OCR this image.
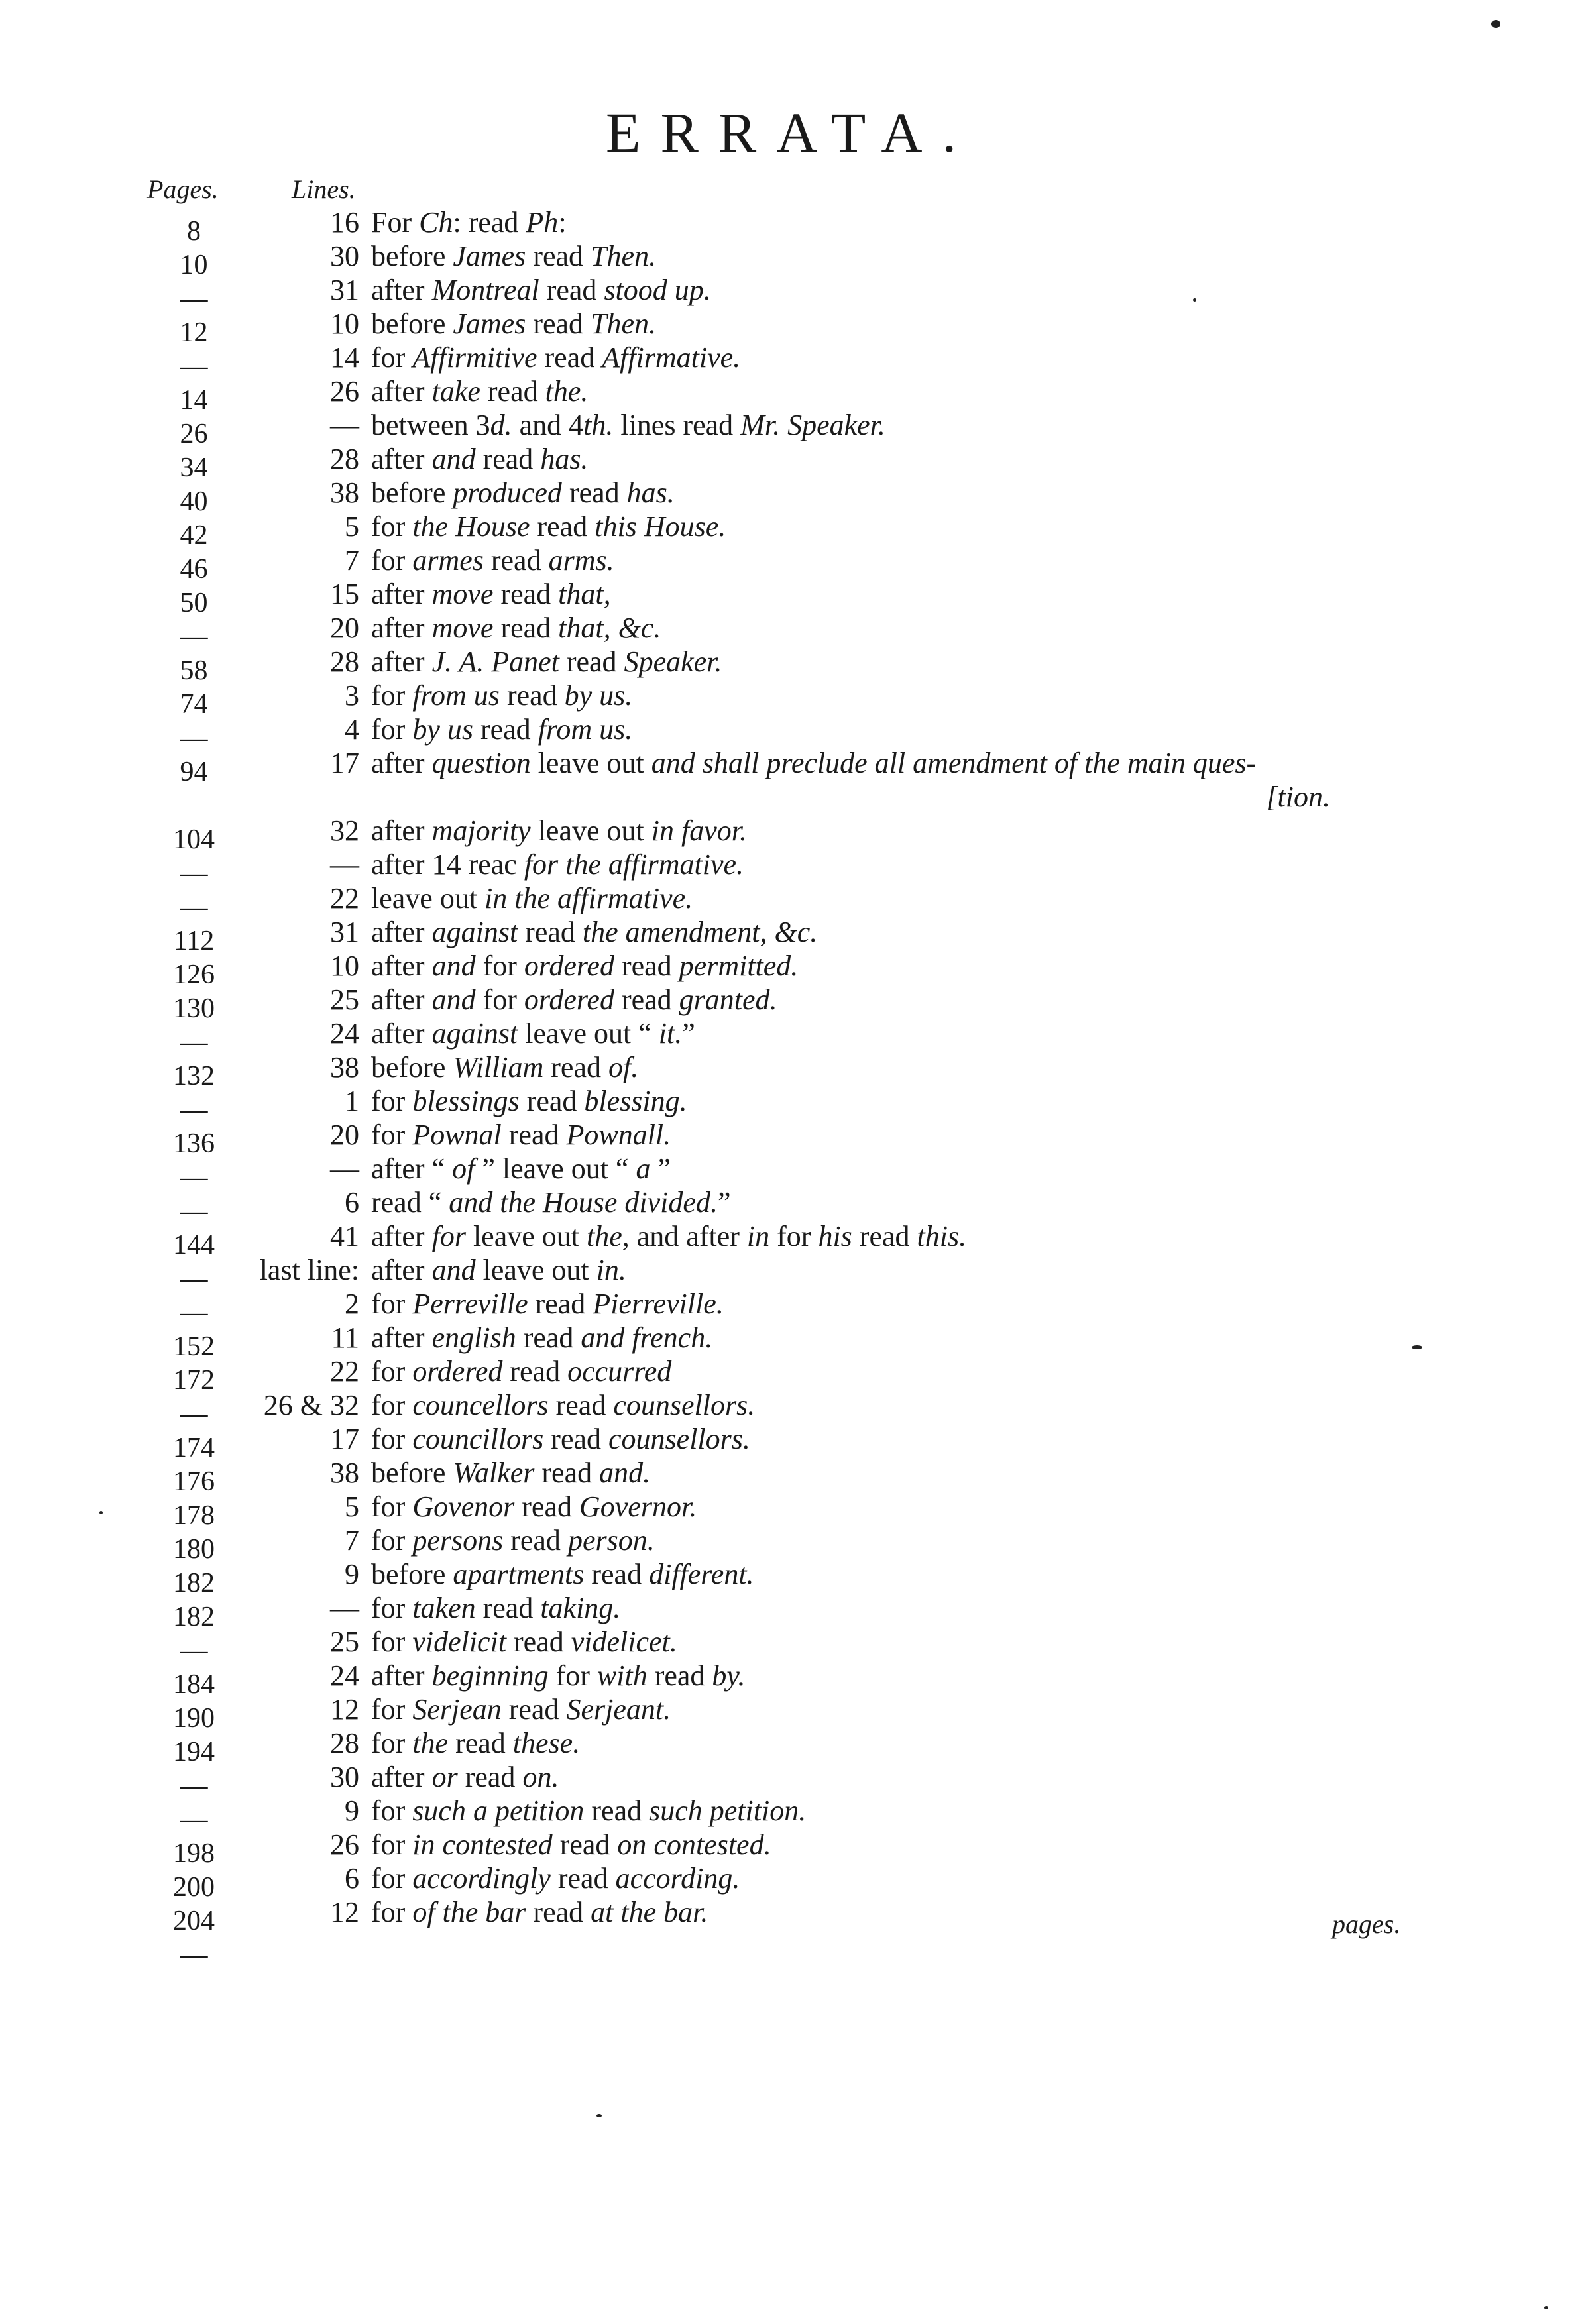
ERRATA.
Pages.	Lines.
8	16 For Ch: read Ph:
10	30 before James read Then.
—	31 after Montreal read stood up.
12	10 before James read Then.
—	14 for Affirmitive read Affirmative.
14	26 after take read the.
26	— between 3d. and 4th. lines read Mr. Speaker.
34	28 after and read has.
40	38 before produced read has.
42	5 for the House read this House.
46	7 for armes read arms.
50	15 after move read that,
—	20 after move read that, &c.
58	28 after J. A. Panet read Speaker.
74	3 for from us read by us.
—	4 for by us read from us.
94	17 after question leave out and shall preclude all amendment of the main ques-
[tion.
104	32 after majority leave out in favor.
—	— after 14 reac for the affirmative.
—	22 leave out in the affirmative.
112	31 after against read the amendment, &c.
126	10 after and for ordered read permitted.
130	25 after and for ordered read granted.
—	24 after against leave out “ it.”
132	38 before William read of.
—	1 for blessings read blessing.
136	20 for Pownal read Pownall.
—	— after “ of ” leave out “ a ”
—	6 read “ and the House divided.”
144	41 after for leave out the, and after in for his read this.
—	last line: after and leave out in.
—	2 for Perreville read Pierreville.
152	11 after english read and french.
172	22 for ordered read occurred
—	26 & 32 for councellors read counsellors.
174	17 for councillors read counsellors.
176	38 before Walker read and.
178	5 for Govenor read Governor.
180	7 for persons read person.
182	9 before apartments read different.
182	— for taken read taking.
—	25 for videlicit read videlicet.
184	24 after beginning for with read by.
190	12 for Serjean read Serjeant.
194	28 for the read these.
—	30 after or read on.
—	9 for such a petition read such petition.
198	26 for in contested read on contested.
200	6 for accordingly read according.
204	12 for of the bar read at the bar.
—
pages.
